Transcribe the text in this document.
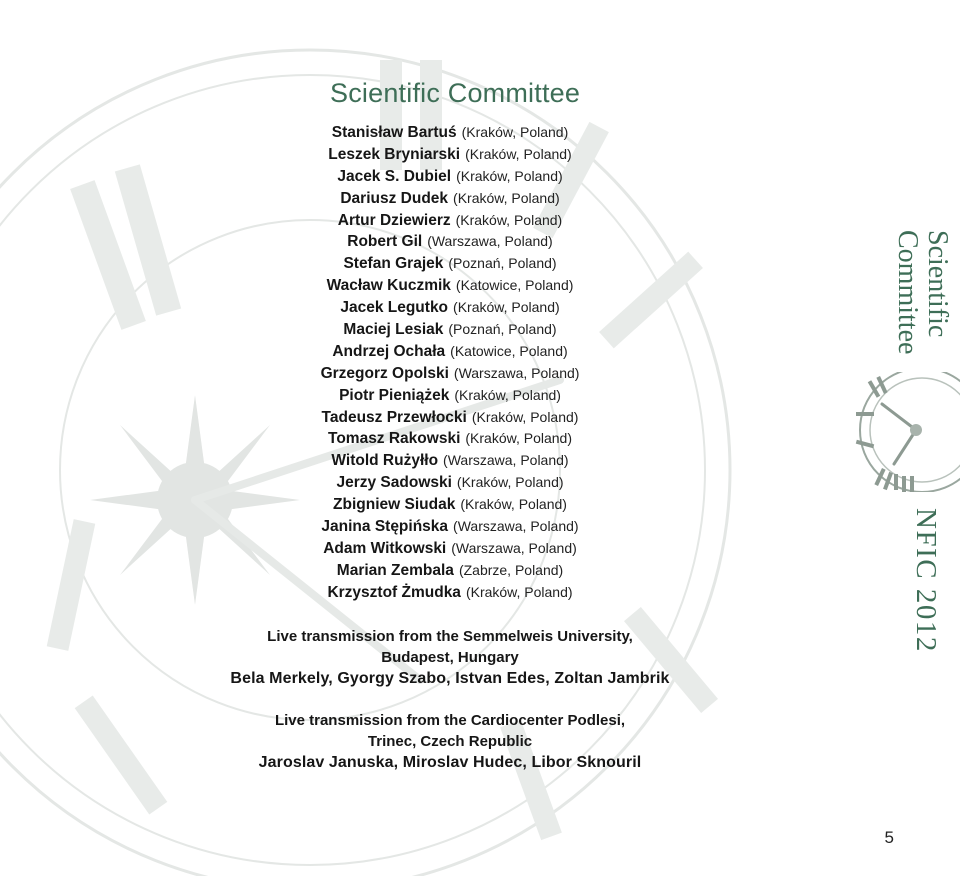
Scientific Committee
Stanisław Bartuś (Kraków, Poland)
Leszek Bryniarski (Kraków, Poland)
Jacek S. Dubiel (Kraków, Poland)
Dariusz Dudek (Kraków, Poland)
Artur Dziewierz (Kraków, Poland)
Robert Gil (Warszawa, Poland)
Stefan Grajek (Poznań, Poland)
Wacław Kuczmik (Katowice, Poland)
Jacek Legutko (Kraków, Poland)
Maciej Lesiak (Poznań, Poland)
Andrzej Ochała (Katowice, Poland)
Grzegorz Opolski (Warszawa, Poland)
Piotr Pieniążek (Kraków, Poland)
Tadeusz Przewłocki (Kraków, Poland)
Tomasz Rakowski (Kraków, Poland)
Witold Rużyłło (Warszawa, Poland)
Jerzy Sadowski (Kraków, Poland)
Zbigniew Siudak (Kraków, Poland)
Janina Stępińska (Warszawa, Poland)
Adam Witkowski (Warszawa, Poland)
Marian Zembala (Zabrze, Poland)
Krzysztof Żmudka (Kraków, Poland)
Live transmission from the Semmelweis University,
Budapest, Hungary
Bela Merkely, Gyorgy Szabo, Istvan Edes, Zoltan Jambrik
Live transmission from the Cardiocenter Podlesi,
Trinec, Czech Republic
Jaroslav Januska, Miroslav Hudec, Libor Sknouril
Scientific
Committee
NFIC 2012
5
